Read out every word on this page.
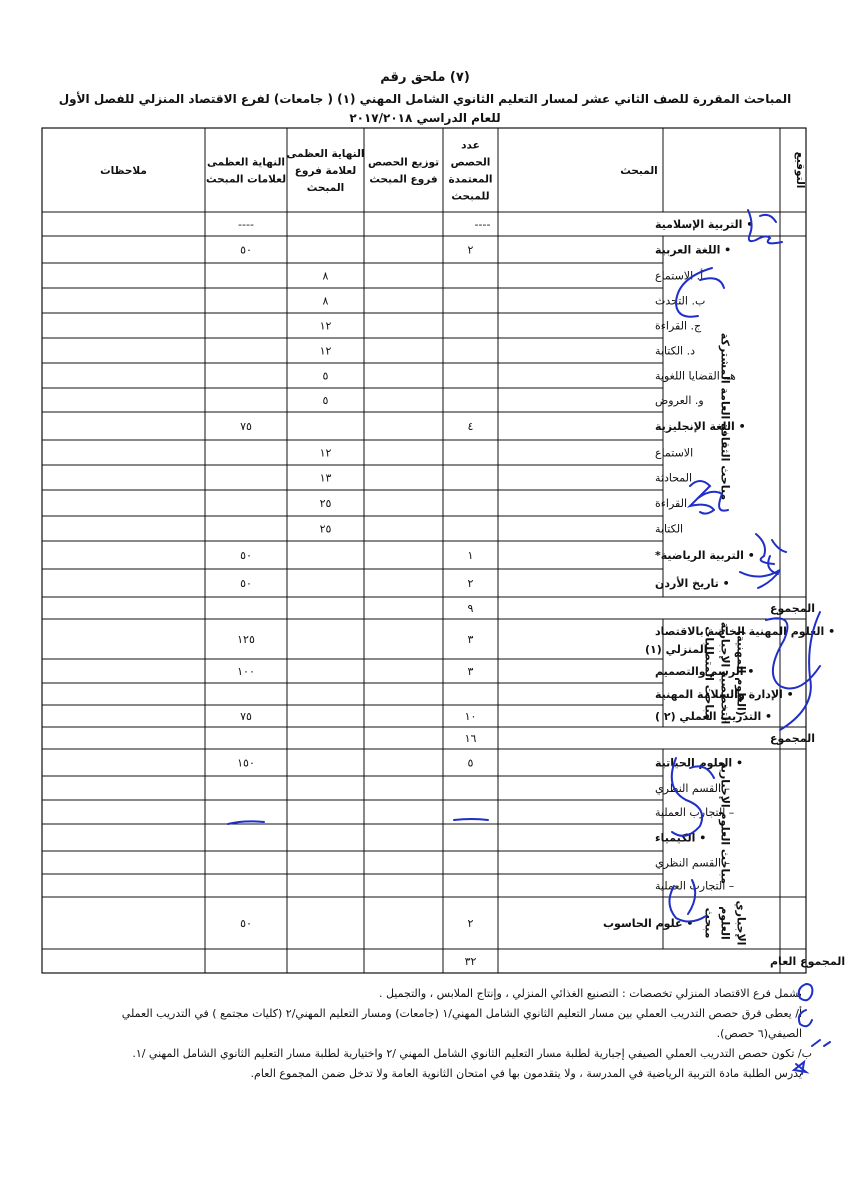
(٧) ملحق رقم
المباحث المقررة للصف الثاني عشر لمسار التعليم الثانوي الشامل المهني (١) ( جامعات) لفرع الاقتصاد المنزلي للفصل الأول
للعام الدراسي ٢٠١٧/٢٠١٨
ملاحظات
النهاية العظمى
لعلامات المبحث
النهاية العظمى
لعلامة فروع
المبحث
توزيع الحصص
فروع المبحث
عدد
الحصص
المعتمدة
للمبحث
المبحث	التوقيع
• التربية الإسلامية
----	----
• اللغة العربية
٢
٥٠
أ. الاستماع
٨
ب. التحدث
٨
ج. القراءة
١٢
د. الكتابة
١٢
هـ. القضايا اللغوية
٥
و. العروض
٥
• اللغة الإنجليزية
٤
٧٥
الاستماع
١٢
المحادثة
١٣
القراءة
٢٥
الكتابة
٢٥
• التربية الرياضية*
١
٥٠
• تاريخ الأردن
٢
٥٠
المجموع
٩
• العلوم المهنية الخاصة بالاقتصاد
المنزلي (١)
٣
١٢٥
• الرسم والتصميم
٣
١٠٠
• الإدارة والسلامة المهنية
• التدريب العملي (٢ )
١٠
٧٥
المجموع
١٦
• العلوم الحياتية
٥
١٥٠
– القسم النظري
– التجارب العملية
• الكيمياء
– القسم النظري
– التجارب العملية
• علوم الحاسوب
٢
٥٠
المجموع العام
٣٢
مباحث الثقافة العامة المشتركة
مباحث المتطلبات التخصصية الإجبارية (العلوم المهنية)
مباحث العلوم الإجبارية
مبحث العلوم الإجباري

يشمل فرع الاقتصاد المنزلي تخصصات : التصنيع الغذائي المنزلي ، وإنتاج الملابس ، والتجميل .

أ/ يعطى فرق حصص التدريب العملي بين مسار التعليم الثانوي الشامل المهني/١ (جامعات) ومسار التعليم المهني/٢ (كليات مجتمع ) في التدريب العملي الصيفي(٦ حصص).

ب/ تكون حصص التدريب العملي الصيفي إجبارية لطلبة مسار التعليم الثانوي الشامل المهني /٢ واختيارية لطلبة مسار التعليم الثانوي الشامل المهني /١.

يدرس الطلبة مادة التربية الرياضية في المدرسة ، ولا يتقدمون بها في امتحان الثانوية العامة ولا تدخل ضمن المجموع العام.
